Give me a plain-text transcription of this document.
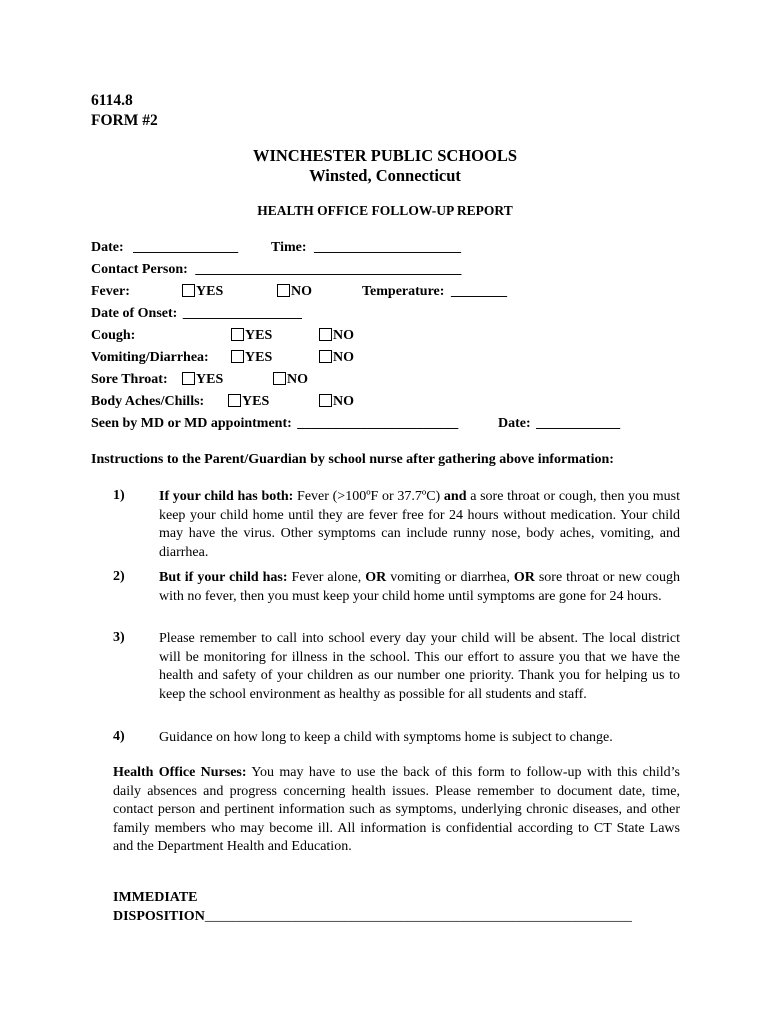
6114.8
FORM #2
WINCHESTER PUBLIC SCHOOLS
Winsted, Connecticut
HEALTH OFFICE FOLLOW-UP REPORT
Date: _______________ Time: _____________________
Contact Person: ______________________________________
Fever:	YES	NO	Temperature: ________
Date of Onset: _________________
Cough:	YES	NO
Vomiting/Diarrhea:	YES	NO
Sore Throat:	YES	NO
Body Aches/Chills:	YES	NO
Seen by MD or MD appointment: _______________________	Date: ____________
Instructions to the Parent/Guardian by school nurse after gathering above information:
1) If your child has both: Fever (>100ºF or 37.7ºC) and a sore throat or cough, then you must keep your child home until they are fever free for 24 hours without medication. Your child may have the virus. Other symptoms can include runny nose, body aches, vomiting, and diarrhea.
2) But if your child has: Fever alone, OR vomiting or diarrhea, OR sore throat or new cough with no fever, then you must keep your child home until symptoms are gone for 24 hours.
3) Please remember to call into school every day your child will be absent. The local district will be monitoring for illness in the school. This our effort to assure you that we have the health and safety of your children as our number one priority. Thank you for helping us to keep the school environment as healthy as possible for all students and staff.
4) Guidance on how long to keep a child with symptoms home is subject to change.
Health Office Nurses: You may have to use the back of this form to follow-up with this child’s daily absences and progress concerning health issues. Please remember to document date, time, contact person and pertinent information such as symptoms, underlying chronic diseases, and other family members who may become ill. All information is confidential according to CT State Laws and the Department Health and Education.
IMMEDIATE
DISPOSITION_____________________________________________________________
